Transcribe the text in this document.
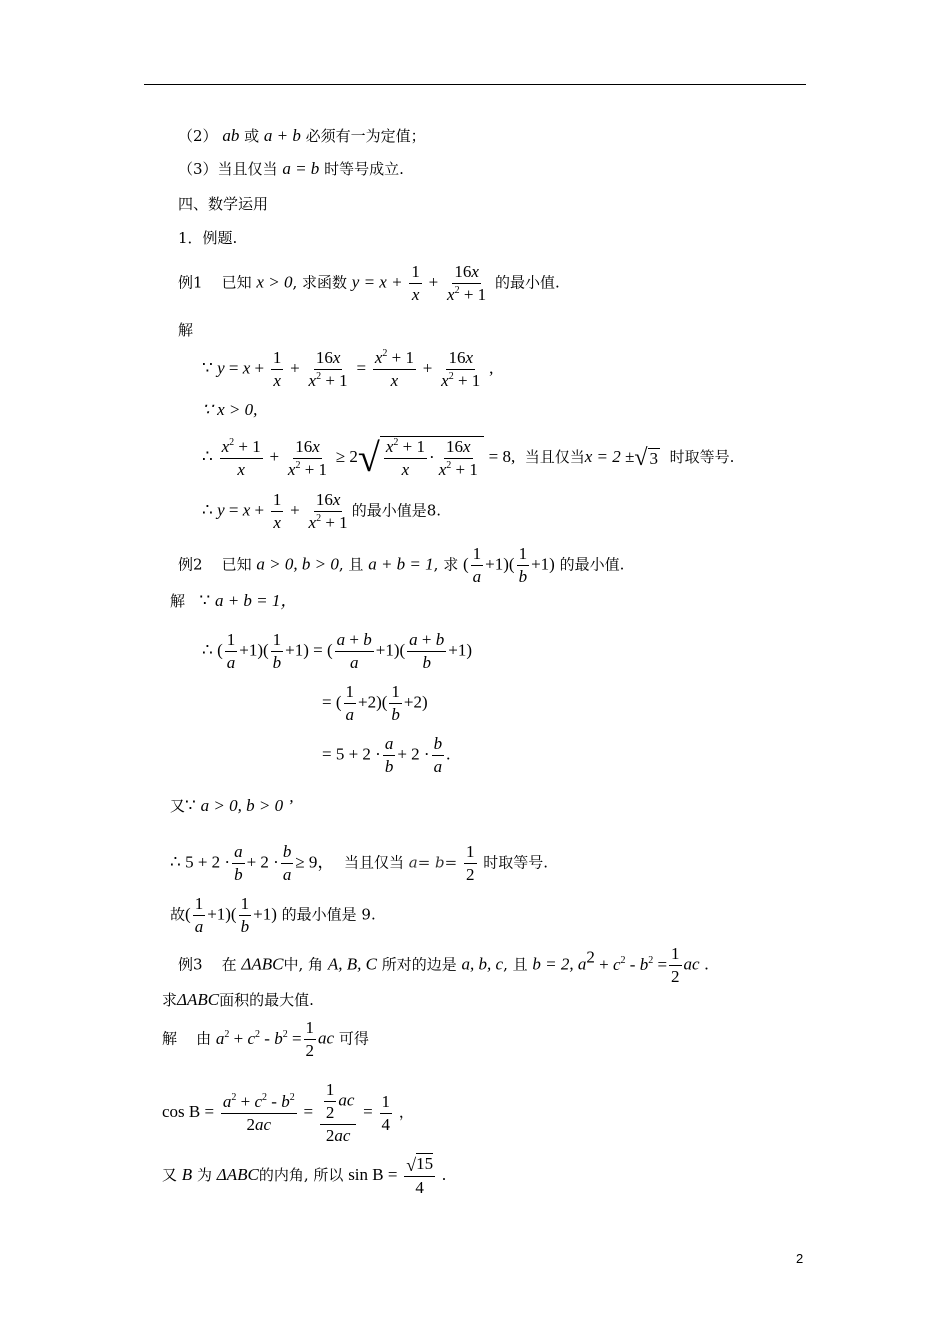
（2） ab 或 a + b 必须有一为定值；
（3）当且仅当 a = b 时等号成立.
四、数学运用
1．例题.
例1 已知 x > 0, 求函数 $y = x + \frac{1}{x} + \frac{16x}{x^2 + 1}$ 的最小值.
解
∵ $y = x + \frac{1}{x} + \frac{16x}{x^2 + 1} = \frac{x^2 + 1}{x} + \frac{16x}{x^2 + 1}$ ,
∵ x > 0,
∴ $\frac{x^2 + 1}{x} + \frac{16x}{x^2 + 1} \ge 2√ \frac{x^2 + 1}{x} \cdot \frac{16x}{x^2 + 1} = 8$, 当且仅当x = 2 ±√ 3 时取等号.
∴ $y = x + \frac{1}{x} + \frac{16x}{x^2 + 1}$ 的最小值是8.
例2 已知 a > 0, b > 0, 且 a + b = 1, 求 ( $\frac{1}{a} +1)( \frac{1}{b} +1)$ 的最小值.
解 ∵ a + b = 1，
∴ ( $\frac{1}{a} +1)( \frac{1}{b} +1)$ = ( $\frac{a + b}{a} +1)( \frac{a + b}{b} +1)$
= ( $\frac{1}{a} +2)( \frac{1}{b} +2)$
= $5 + 2 \cdot \frac{a}{b} + 2 \cdot \frac{b}{a}$ .
又∵ a > 0, b > 0 ’
∴ $5 + 2 \cdot \frac{a}{b} + 2 \cdot \frac{b}{a} \ge 9$， 当且仅当 $a= b= \frac{1}{2}$ 时取等号.
故( $\frac{1}{a} +1)( \frac{1}{b} +1)$ 的最小值是 9.
例3 在 ΔABC中, 角 A, B, C 所对的边是 a, b, c, 且 b = 2, $a^2 + c^2 - b^2 = \frac{1}{2}$ ac .
求ΔABC面积的最大值.
解 由 $a^2 + c^2 - b^2 = \frac{1}{2}$ ac 可得
$\cos B = \frac{a^2 + c^2 - b^2}{2ac} = \frac{\frac{1}{2} ac}{2ac} = \frac{1}{4}$ ，
又 B 为 ΔABC的内角, 所以 $\sin B = \frac{√15}{4}$ .
2
